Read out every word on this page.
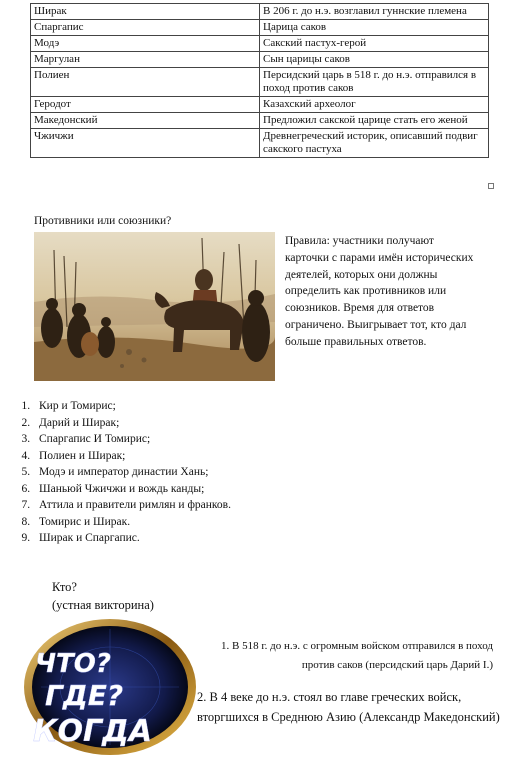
Ширак	В 206 г. до н.э. возглавил гуннские племена
Спаргапис	Царица саков
Модэ	Сакский пастух-герой
Маргулан	Сын царицы саков
Полиен	Персидский царь в 518 г. до н.э. отправился в поход против саков
Геродот	Казахский археолог
Македонский	Предложил сакской царице стать его женой
Чжичжи	Древнегреческий историк, описавший подвиг сакского пастуха
Противники или союзники?
Правила: участники получают карточки с парами имён исторических деятелей, которых они должны определить как противников или союзников. Время для ответов ограничено. Выигрывает тот, кто дал больше правильных ответов.
1. Кир и Томирис;
2. Дарий и Ширак;
3. Спаргапис И Томирис;
4. Полиен и Ширак;
5. Модэ и император династии Хань;
6. Шаньюй Чжичжи и вождь канды;
7. Аттила и правители римлян и франков.
8. Томирис и Ширак.
9. Ширак и Спаргапис.
Кто?
(устная викторина)
ЧТО?
ГДЕ?
КОГДА
1. В 518 г. до н.э. с огромным войском отправился в поход против саков (персидский царь Дарий I.)
2. В 4 веке до н.э. стоял во главе греческих войск, вторгшихся в Среднюю Азию (Александр Македонский)
